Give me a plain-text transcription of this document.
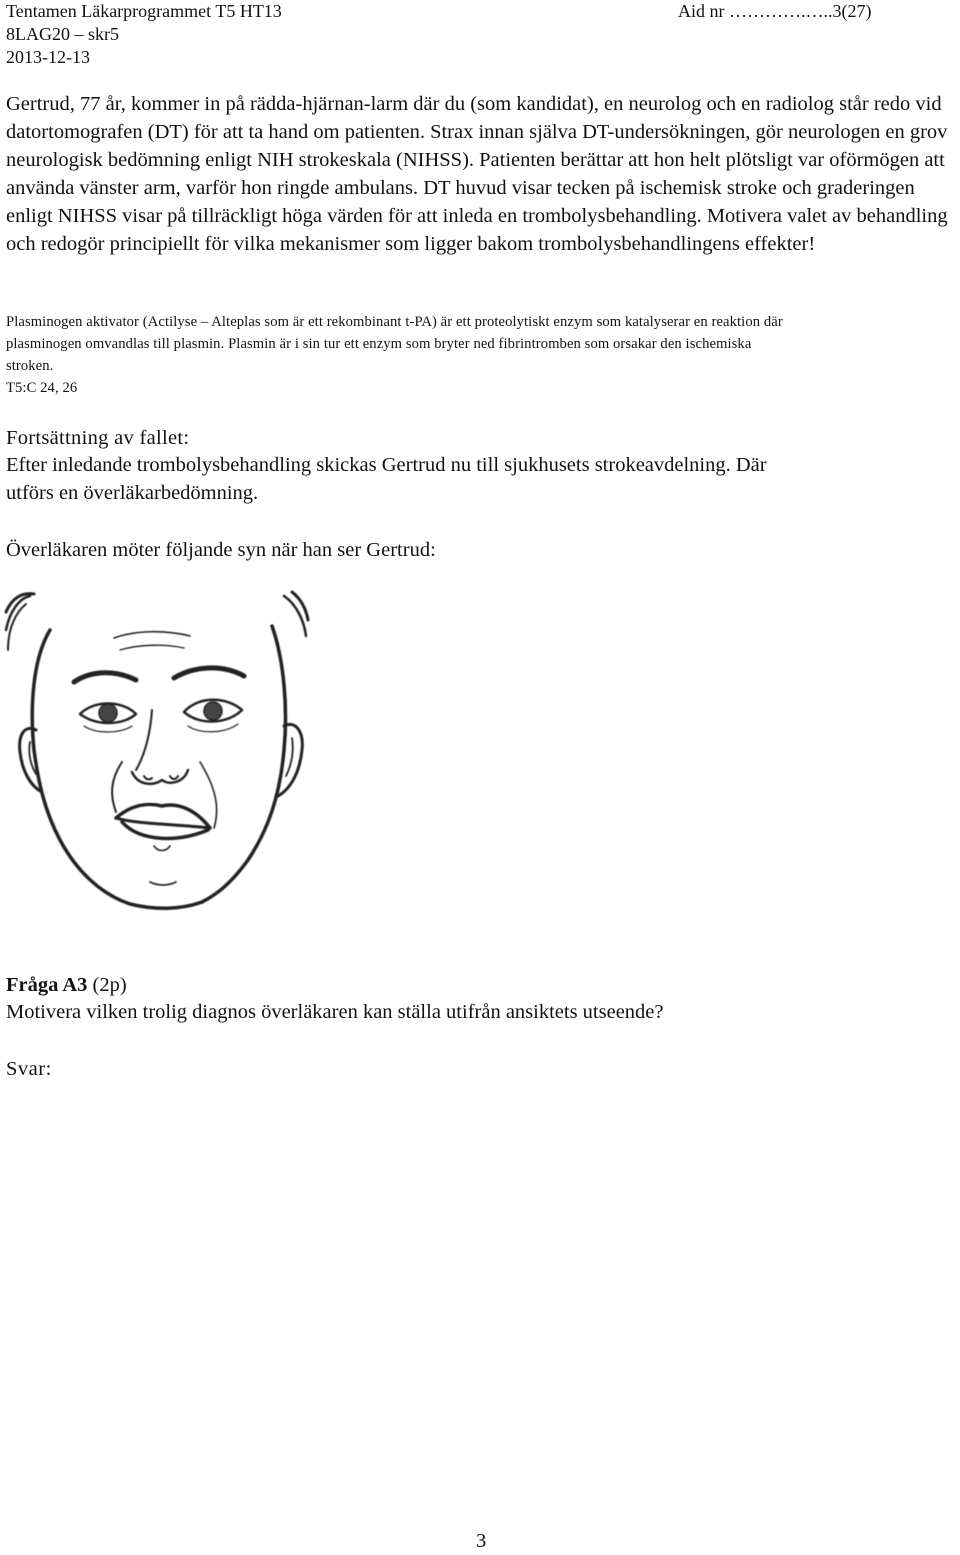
Tentamen Läkarprogrammet T5 HT13
8LAG20 – skr5
2013-12-13
Aid nr ………….…..3(27)
Gertrud, 77 år, kommer in på rädda-hjärnan-larm där du (som kandidat), en neurolog och en radiolog står redo vid datortomografen (DT) för att ta hand om patienten. Strax innan själva DT-undersökningen, gör neurologen en grov neurologisk bedömning enligt NIH strokeskala (NIHSS). Patienten berättar att hon helt plötsligt var oförmögen att använda vänster arm, varför hon ringde ambulans. DT huvud visar tecken på ischemisk stroke och graderingen enligt NIHSS visar på tillräckligt höga värden för att inleda en trombolysbehandling. Motivera valet av behandling och redogör principiellt för vilka mekanismer som ligger bakom trombolysbehandlingens effekter!
Plasminogen aktivator (Actilyse – Alteplas som är ett rekombinant t-PA) är ett proteolytiskt enzym som katalyserar en reaktion där
plasminogen omvandlas till plasmin. Plasmin är i sin tur ett enzym som bryter ned fibrintromben som orsakar den ischemiska
stroken.
T5:C 24, 26
Fortsättning av fallet:
Efter inledande trombolysbehandling skickas Gertrud nu till sjukhusets strokeavdelning. Där
utförs en överläkarbedömning.
Överläkaren möter följande syn när han ser Gertrud:
Fråga A3 (2p)
Motivera vilken trolig diagnos överläkaren kan ställa utifrån ansiktets utseende?
Svar:
3
